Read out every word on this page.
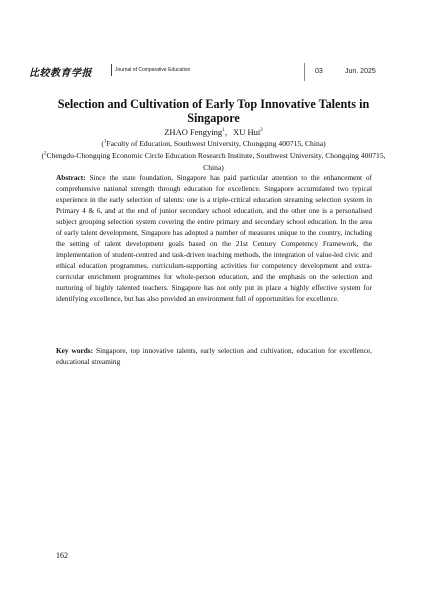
比较教育学报	Journal of Comparative Education	03	Jun. 2025
Selection and Cultivation of Early Top Innovative Talents in Singapore
ZHAO Fengying$^1$，XU Hui$^2$
($^1$Faculty of Education, Southwest University, Chongqing 400715, China)
($^2$Chengdu-Chongqing Economic Circle Education Research Institute, Southwest University, Chongqing 400715, China)

Abstract: Since the state foundation, Singapore has paid particular attention to the enhancement of comprehensive national strength through education for excellence. Singapore accumulated two typical experience in the early selection of talents: one is a triple-critical education streaming selection system in Primary 4 & 6, and at the end of junior secondary school education, and the other one is a personalised subject grouping selection system covering the entire primary and secondary school education. In the area of early talent development, Singapore has adopted a number of measures unique to the country, including the setting of talent development goals based on the 21st Century Competency Framework, the implementation of student-centred and task-driven teaching methods, the integration of value-led civic and ethical education programmes, curriculum-supporting activities for competency development and extra-curricular enrichment programmes for whole-person education, and the emphasis on the selection and nurturing of highly talented teachers. Singapore has not only put in place a highly effective system for identifying excellence, but has also provided an environment full of opportunities for excellence.

Key words: Singapore, top innovative talents, early selection and cultivation, education for excellence, educational streaming

162
